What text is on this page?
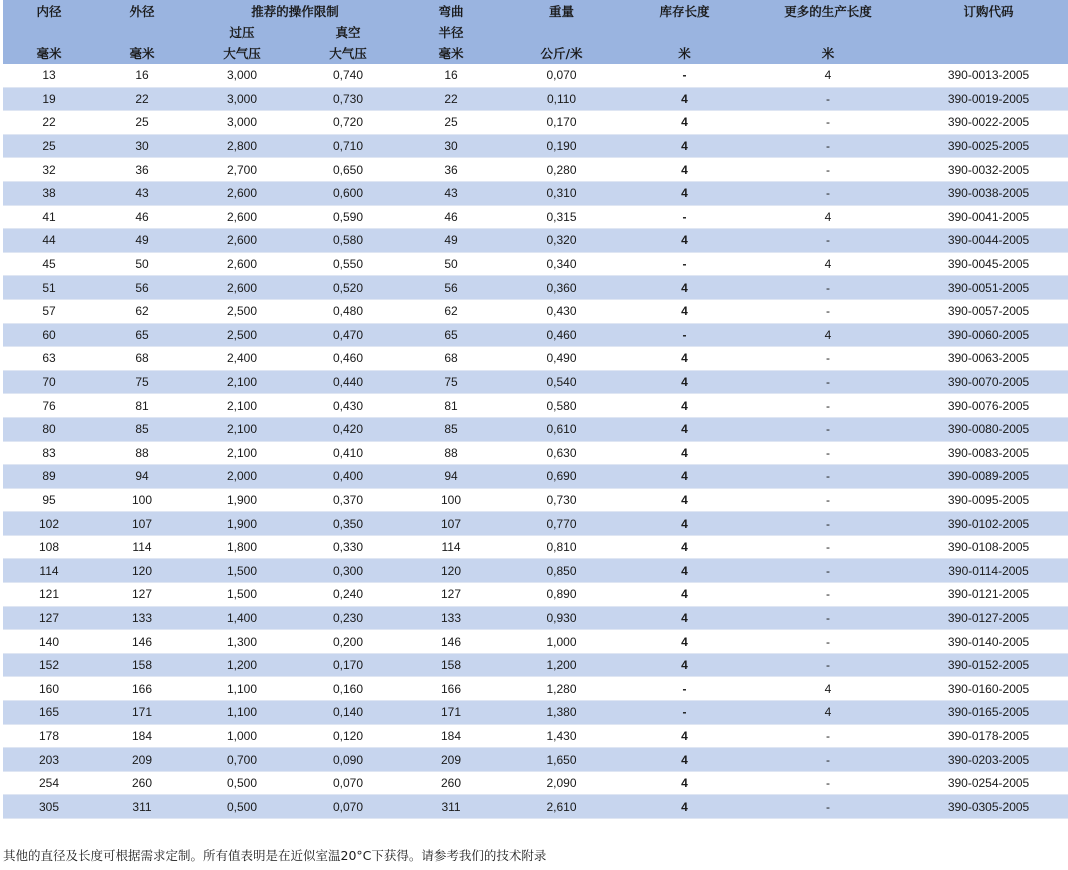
内径	外径	推荐的操作限制		弯曲	重量	库存长度	更多的生产长度	订购代码
		过压	真空	半径				
毫米	毫米	大气压	大气压	毫米	公斤/米	米	米	
13	16	3,000	0,740	16	0,070	-	4	390-0013-2005
19	22	3,000	0,730	22	0,110	4	-	390-0019-2005
22	25	3,000	0,720	25	0,170	4	-	390-0022-2005
25	30	2,800	0,710	30	0,190	4	-	390-0025-2005
32	36	2,700	0,650	36	0,280	4	-	390-0032-2005
38	43	2,600	0,600	43	0,310	4	-	390-0038-2005
41	46	2,600	0,590	46	0,315	-	4	390-0041-2005
44	49	2,600	0,580	49	0,320	4	-	390-0044-2005
45	50	2,600	0,550	50	0,340	-	4	390-0045-2005
51	56	2,600	0,520	56	0,360	4	-	390-0051-2005
57	62	2,500	0,480	62	0,430	4	-	390-0057-2005
60	65	2,500	0,470	65	0,460	-	4	390-0060-2005
63	68	2,400	0,460	68	0,490	4	-	390-0063-2005
70	75	2,100	0,440	75	0,540	4	-	390-0070-2005
76	81	2,100	0,430	81	0,580	4	-	390-0076-2005
80	85	2,100	0,420	85	0,610	4	-	390-0080-2005
83	88	2,100	0,410	88	0,630	4	-	390-0083-2005
89	94	2,000	0,400	94	0,690	4	-	390-0089-2005
95	100	1,900	0,370	100	0,730	4	-	390-0095-2005
102	107	1,900	0,350	107	0,770	4	-	390-0102-2005
108	114	1,800	0,330	114	0,810	4	-	390-0108-2005
114	120	1,500	0,300	120	0,850	4	-	390-0114-2005
121	127	1,500	0,240	127	0,890	4	-	390-0121-2005
127	133	1,400	0,230	133	0,930	4	-	390-0127-2005
140	146	1,300	0,200	146	1,000	4	-	390-0140-2005
152	158	1,200	0,170	158	1,200	4	-	390-0152-2005
160	166	1,100	0,160	166	1,280	-	4	390-0160-2005
165	171	1,100	0,140	171	1,380	-	4	390-0165-2005
178	184	1,000	0,120	184	1,430	4	-	390-0178-2005
203	209	0,700	0,090	209	1,650	4	-	390-0203-2005
254	260	0,500	0,070	260	2,090	4	-	390-0254-2005
305	311	0,500	0,070	311	2,610	4	-	390-0305-2005
其他的直径及长度可根据需求定制。所有值表明是在近似室温20°C下获得。请参考我们的技术附录
